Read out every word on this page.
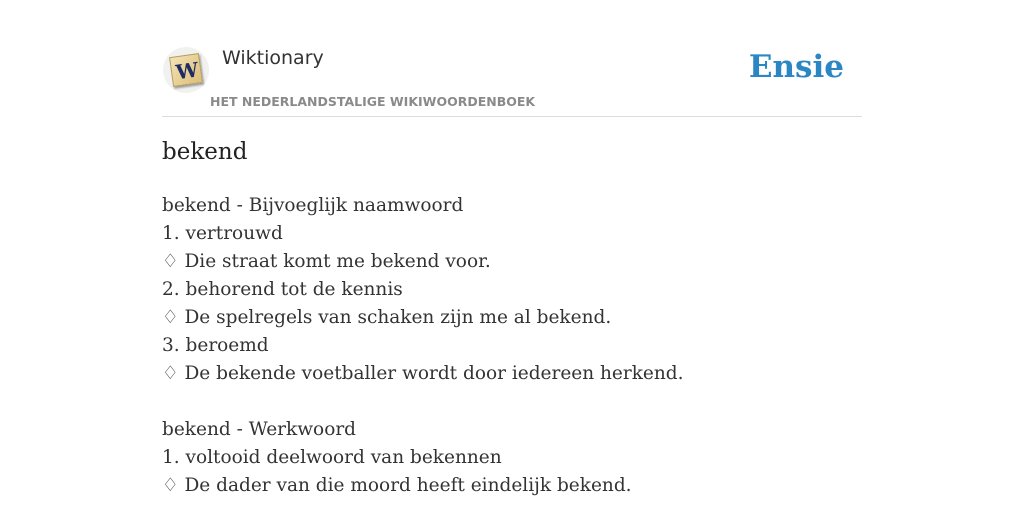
W Wiktionary
HET NEDERLANDSTALIGE WIKIWOORDENBOEK
Ensie
bekend
bekend - Bijvoeglijk naamwoord
1. vertrouwd
♢ Die straat komt me bekend voor.
2. behorend tot de kennis
♢ De spelregels van schaken zijn me al bekend.
3. beroemd
♢ De bekende voetballer wordt door iedereen herkend.
bekend - Werkwoord
1. voltooid deelwoord van bekennen
♢ De dader van die moord heeft eindelijk bekend.
